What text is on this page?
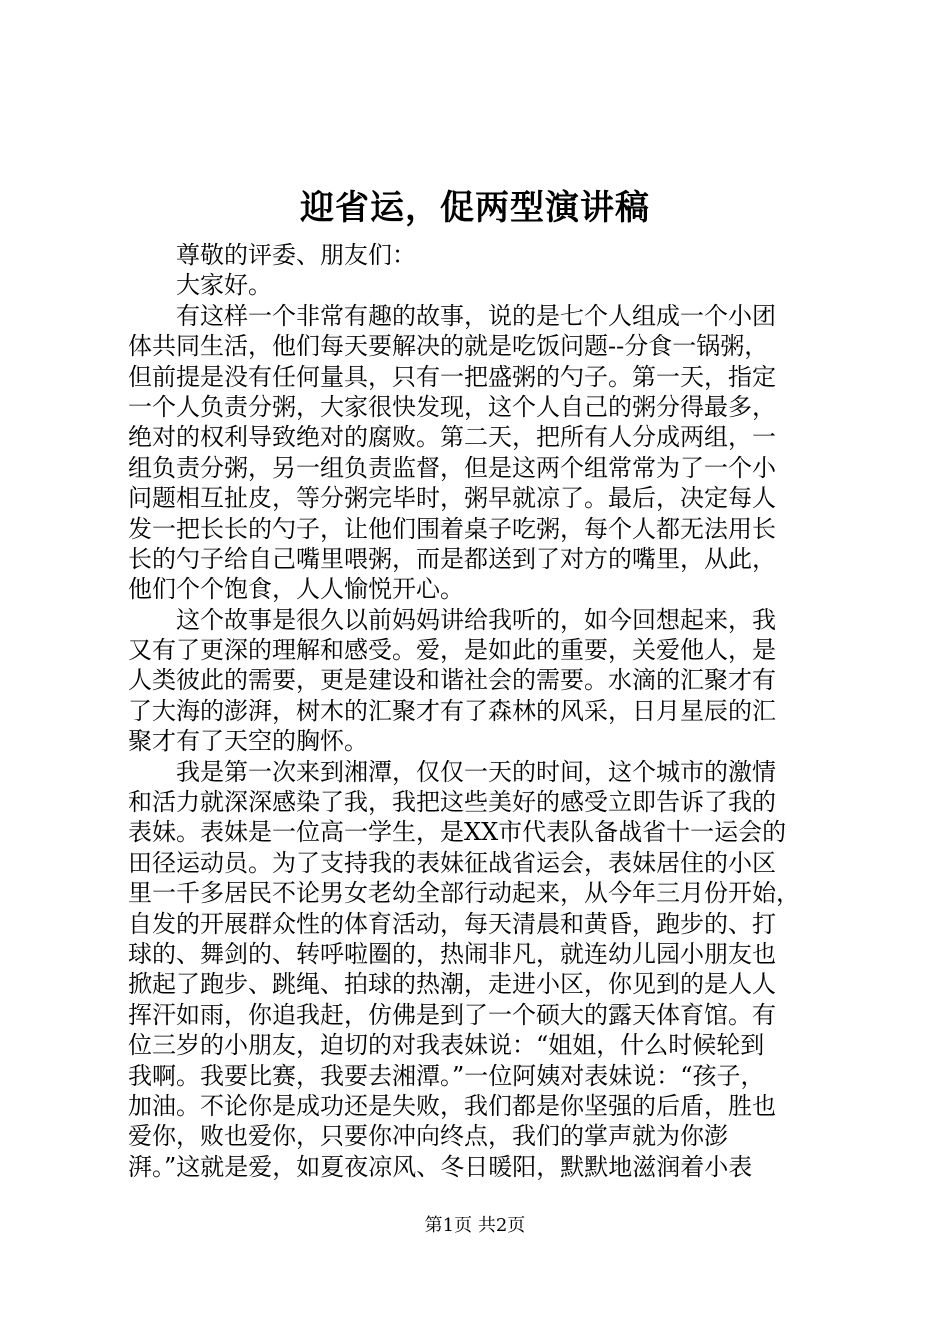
迎省运，促两型演讲稿
　　尊敬的评委、朋友们：
　　大家好。
　　有这样一个非常有趣的故事，说的是七个人组成一个小团
体共同生活，他们每天要解决的就是吃饭问题--分食一锅粥，
但前提是没有任何量具，只有一把盛粥的勺子。第一天，指定
一个人负责分粥，大家很快发现，这个人自己的粥分得最多，
绝对的权利导致绝对的腐败。第二天，把所有人分成两组，一
组负责分粥，另一组负责监督，但是这两个组常常为了一个小
问题相互扯皮，等分粥完毕时，粥早就凉了。最后，决定每人
发一把长长的勺子，让他们围着桌子吃粥，每个人都无法用长
长的勺子给自己嘴里喂粥，而是都送到了对方的嘴里，从此，
他们个个饱食，人人愉悦开心。
　　这个故事是很久以前妈妈讲给我听的，如今回想起来，我
又有了更深的理解和感受。爱，是如此的重要，关爱他人，是
人类彼此的需要，更是建设和谐社会的需要。水滴的汇聚才有
了大海的澎湃，树木的汇聚才有了森林的风采，日月星辰的汇
聚才有了天空的胸怀。
　　我是第一次来到湘潭，仅仅一天的时间，这个城市的激情
和活力就深深感染了我，我把这些美好的感受立即告诉了我的
表妹。表妹是一位高一学生，是XX市代表队备战省十一运会的
田径运动员。为了支持我的表妹征战省运会，表妹居住的小区
里一千多居民不论男女老幼全部行动起来，从今年三月份开始，
自发的开展群众性的体育活动，每天清晨和黄昏，跑步的、打
球的、舞剑的、转呼啦圈的，热闹非凡，就连幼儿园小朋友也
掀起了跑步、跳绳、拍球的热潮，走进小区，你见到的是人人
挥汗如雨，你追我赶，仿佛是到了一个硕大的露天体育馆。有
位三岁的小朋友，迫切的对我表妹说：“姐姐，什么时候轮到
我啊。我要比赛，我要去湘潭。”一位阿姨对表妹说：“孩子，
加油。不论你是成功还是失败，我们都是你坚强的后盾，胜也
爱你，败也爱你，只要你冲向终点，我们的掌声就为你澎
湃。”这就是爱，如夏夜凉风、冬日暖阳，默默地滋润着小表
第1页 共2页
